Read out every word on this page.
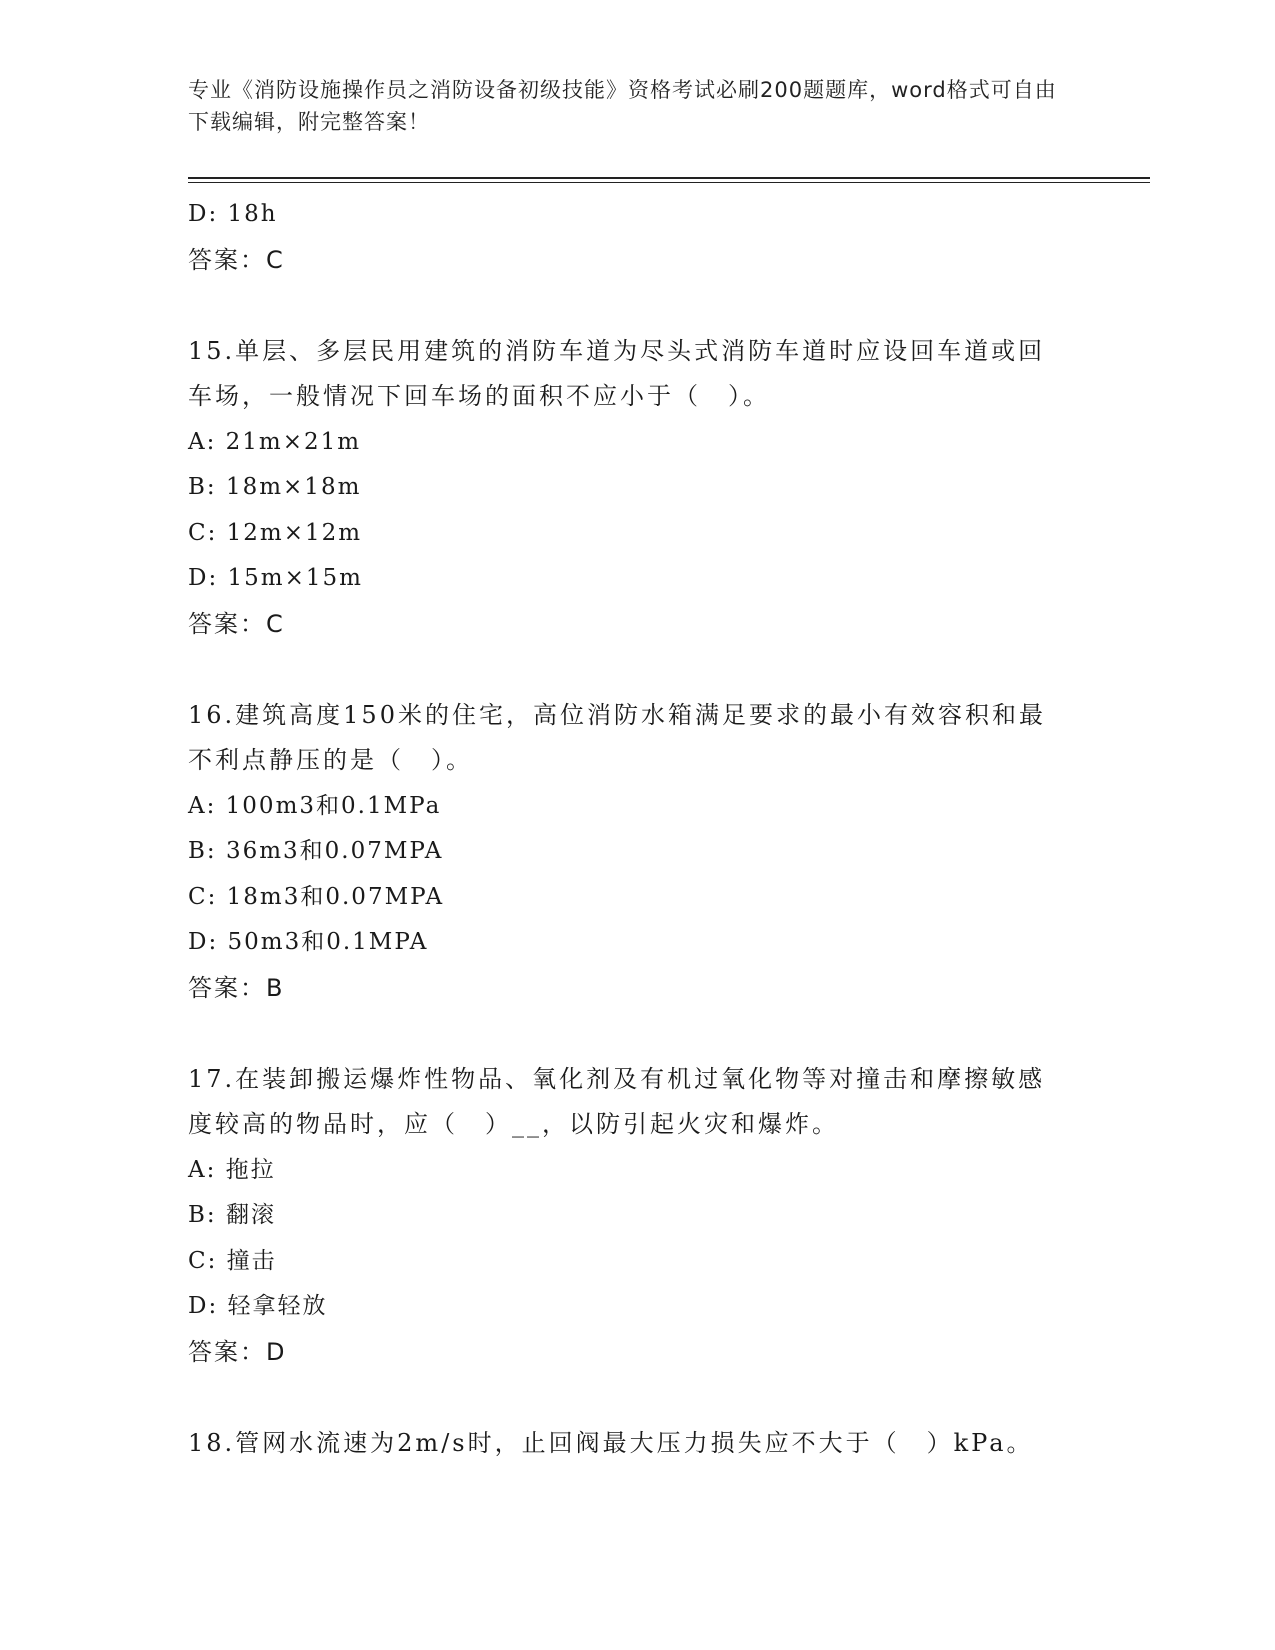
专业《消防设施操作员之消防设备初级技能》资格考试必刷200题题库，word格式可自由下载编辑，附完整答案！
D: 18h
答案：C
15.单层、多层民用建筑的消防车道为尽头式消防车道时应设回车道或回车场，一般情况下回车场的面积不应小于（　）。
A: 21m×21m
B: 18m×18m
C: 12m×12m
D: 15m×15m
答案：C
16.建筑高度150米的住宅，高位消防水箱满足要求的最小有效容积和最不利点静压的是（　）。
A: 100m3和0.1MPa
B: 36m3和0.07MPA
C: 18m3和0.07MPA
D: 50m3和0.1MPA
答案：B
17.在装卸搬运爆炸性物品、氧化剂及有机过氧化物等对撞击和摩擦敏感度较高的物品时，应（　）__，以防引起火灾和爆炸。
A: 拖拉
B: 翻滚
C: 撞击
D: 轻拿轻放
答案：D
18.管网水流速为2m/s时，止回阀最大压力损失应不大于（　）kPa。
